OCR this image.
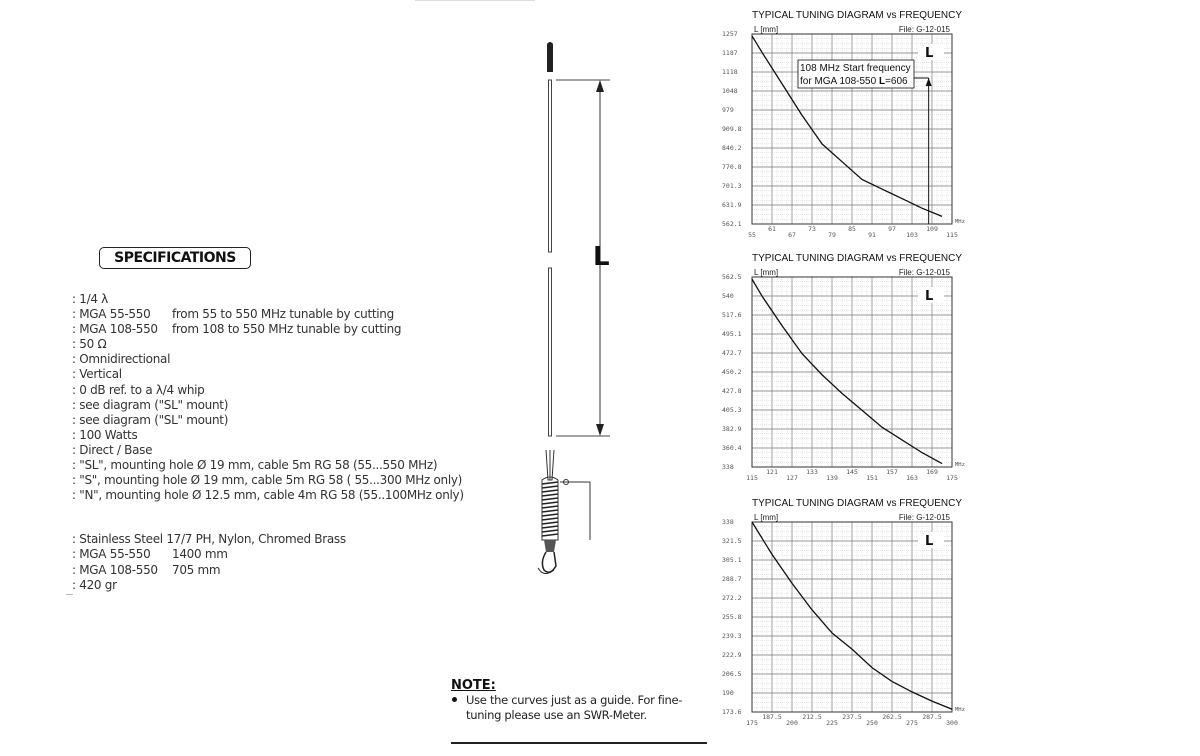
SPECIFICATIONS
: 1/4 λ
: MGA 55-550 from 55 to 550 MHz tunable by cutting
: MGA 108-550 from 108 to 550 MHz tunable by cutting
: 50 Ω
: Omnidirectional
: Vertical
: 0 dB ref. to a λ/4 whip
: see diagram ("SL" mount)
: see diagram ("SL" mount)
: 100 Watts
: Direct / Base
: "SL", mounting hole Ø 19 mm, cable 5m RG 58 (55...550 MHz)
: "S", mounting hole Ø 19 mm, cable 5m RG 58 ( 55...300 MHz only)
: "N", mounting hole Ø 12.5 mm, cable 4m RG 58 (55..100MHz only)
: Stainless Steel 17/7 PH, Nylon, Chromed Brass
: MGA 55-550 1400 mm
: MGA 108-550 705 mm
: 420 gr
L
NOTE:
Use the curves just as a guide. For fine-
tuning please use an SWR-Meter.
TYPICAL TUNING DIAGRAM vs FREQUENCY
1257
1187
1118
1048
979
909.8
840.2
770.8
701.3
631.9
562.1
55	67	79	91	103	115
61	73	85	97	109
L [mm]	File: G-12-015
L
MHz
108 MHz Start frequency
for MGA 108-550 L=606
TYPICAL TUNING DIAGRAM vs FREQUENCY
562.5
540
517.6
495.1
472.7
450.2
427.8
405.3
382.9
360.4
338
115	127	139	151	163	175
121	133	145	157	169
L [mm]	File: G-12-015
L
MHz
TYPICAL TUNING DIAGRAM vs FREQUENCY
338
321.5
305.1
288.7
272.2
255.8
239.3
222.9
206.5
190
173.6
175	200	225	250	275	300
187.5	212.5	237.5	262.5	287.5
L [mm]	File: G-12-015
L
MHz
